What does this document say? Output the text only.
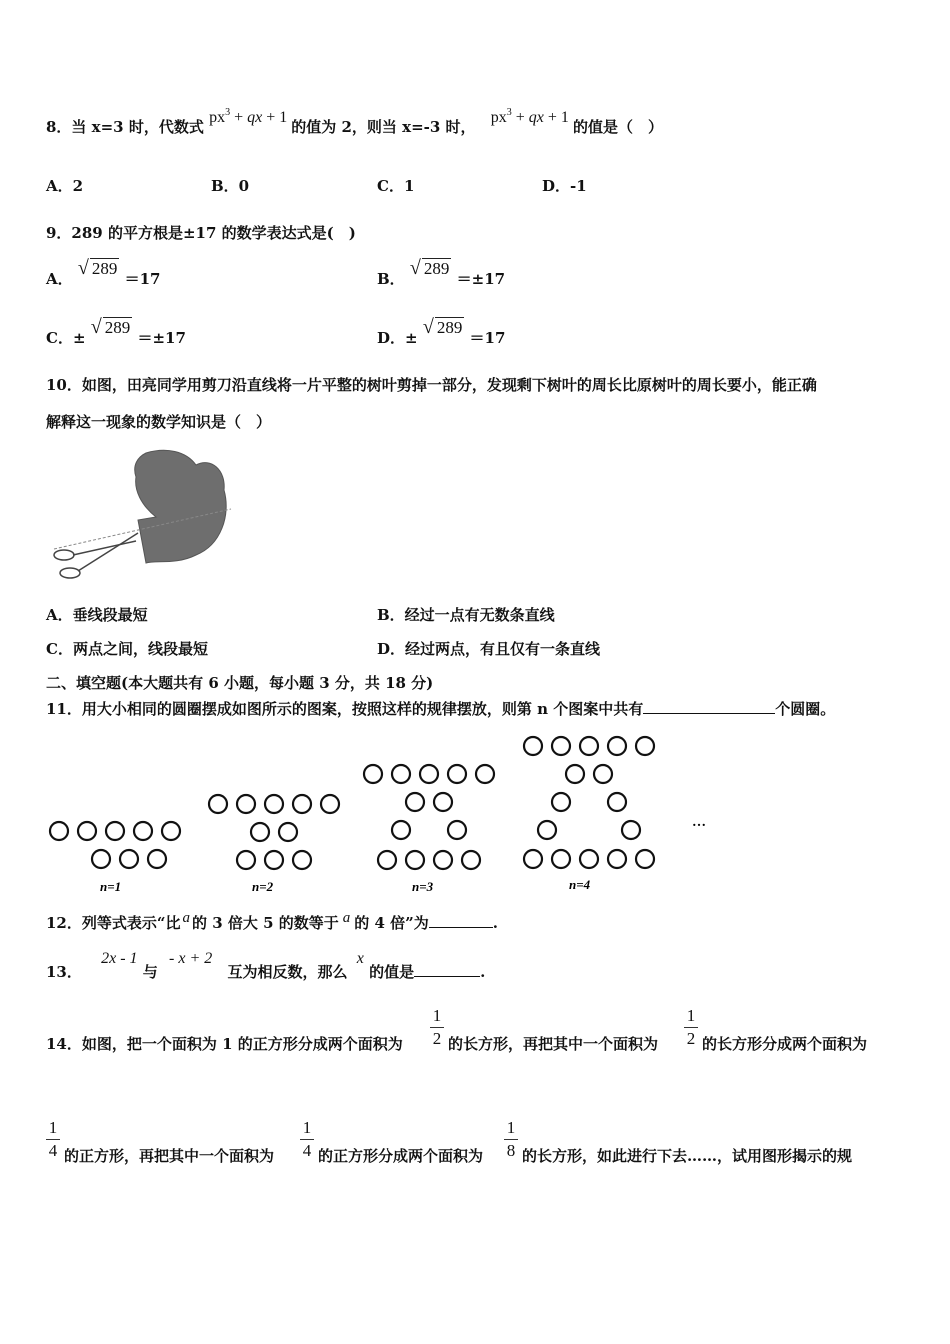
8．当 x=3 时，代数式 $px^3$ + qx + 1 的值为 2，则当 x=-3 时， $px^3$ + qx + 1 的值是（　）
A．2	B．0	C．1	D．-1
9．289 的平方根是±17 的数学表达式是(　)
A． √ 289 ＝17	B． √ 289 ＝±17
C．± √ 289 ＝±17	D．± √ 289 ＝17
10．如图，田亮同学用剪刀沿直线将一片平整的树叶剪掉一部分，发现剩下树叶的周长比原树叶的周长要小，能正确
解释这一现象的数学知识是（　）
A．垂线段最短	B．经过一点有无数条直线
C．两点之间，线段最短	D．经过两点，有且仅有一条直线
二、填空题(本大题共有 6 小题，每小题 3 分，共 18 分)
11．用大小相同的圆圈摆成如图所示的图案，按照这样的规律摆放，则第 n 个图案中共有	个圆圈。
n=1	n=2	n=3	n=4
…
12．列等式表示“比 a 的 3 倍大 5 的数等于 a 的 4 倍”为	.
13． 2x - 1 与 - x + 2 互为相反数，那么 x 的值是	.
14．如图，把一个面积为 1 的正方形分成两个面积为
1
2 的长方形，再把其中一个面积为
1
2 的长方形分成两个面积为
1
4 的正方形，再把其中一个面积为
1
4 的正方形分成两个面积为
1
8 的长方形，如此进行下去……，试用图形揭示的规
